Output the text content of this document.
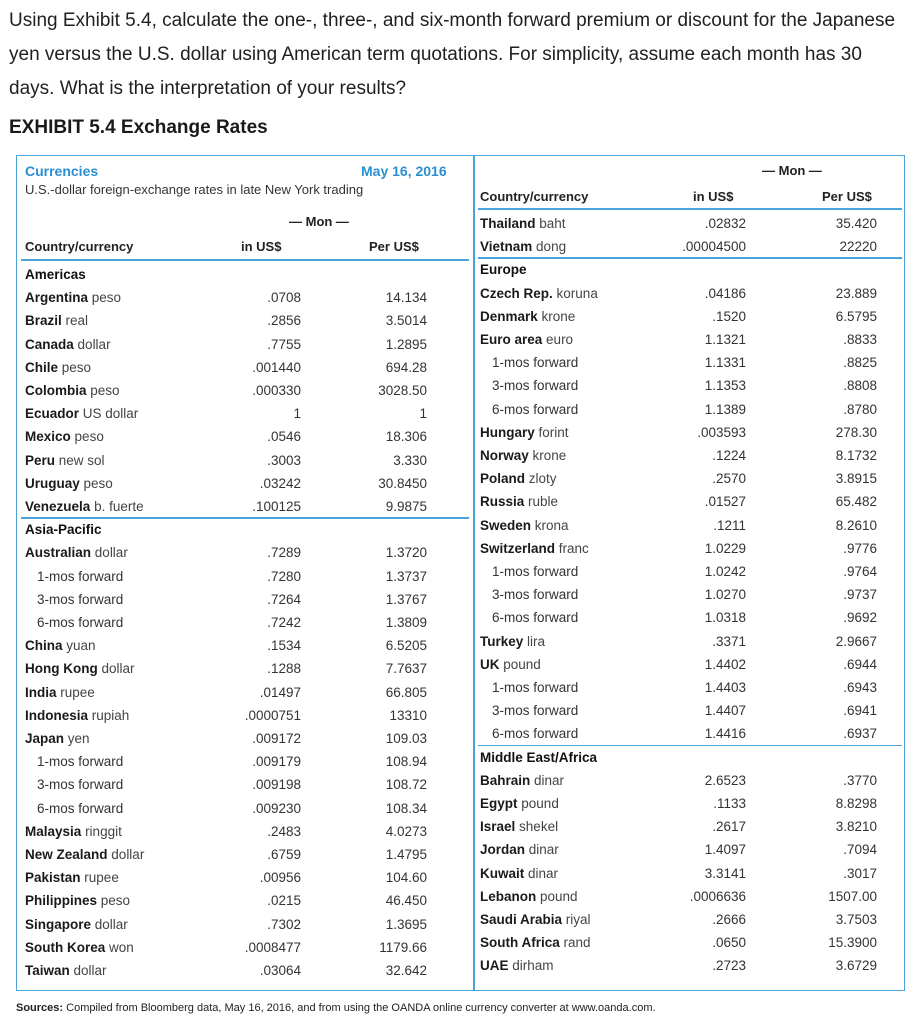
Using Exhibit 5.4, calculate the one-, three-, and six-month forward premium or discount for the Japanese yen versus the U.S. dollar using American term quotations. For simplicity, assume each month has 30 days. What is the interpretation of your results?
EXHIBIT 5.4 Exchange Rates
Currencies	May 16, 2016
U.S.-dollar foreign-exchange rates in late New York trading
— Mon —
Country/currency	in US$	Per US$
— Mon —
Country/currency	in US$	Per US$
Americas
Argentina peso	.0708	14.134
Brazil real	.2856	3.5014
Canada dollar	.7755	1.2895
Chile peso	.001440	694.28
Colombia peso	.000330	3028.50
Ecuador US dollar	1	1
Mexico peso	.0546	18.306
Peru new sol	.3003	3.330
Uruguay peso	.03242	30.8450
Venezuela b. fuerte	.100125	9.9875
Asia-Pacific
Australian dollar	.7289	1.3720
1-mos forward	.7280	1.3737
3-mos forward	.7264	1.3767
6-mos forward	.7242	1.3809
China yuan	.1534	6.5205
Hong Kong dollar	.1288	7.7637
India rupee	.01497	66.805
Indonesia rupiah	.0000751	13310
Japan yen	.009172	109.03
1-mos forward	.009179	108.94
3-mos forward	.009198	108.72
6-mos forward	.009230	108.34
Malaysia ringgit	.2483	4.0273
New Zealand dollar	.6759	1.4795
Pakistan rupee	.00956	104.60
Philippines peso	.0215	46.450
Singapore dollar	.7302	1.3695
South Korea won	.0008477	1179.66
Taiwan dollar	.03064	32.642
Thailand baht	.02832	35.420
Vietnam dong	.00004500	22220
Europe
Czech Rep. koruna	.04186	23.889
Denmark krone	.1520	6.5795
Euro area euro	1.1321	.8833
1-mos forward	1.1331	.8825
3-mos forward	1.1353	.8808
6-mos forward	1.1389	.8780
Hungary forint	.003593	278.30
Norway krone	.1224	8.1732
Poland zloty	.2570	3.8915
Russia ruble	.01527	65.482
Sweden krona	.1211	8.2610
Switzerland franc	1.0229	.9776
1-mos forward	1.0242	.9764
3-mos forward	1.0270	.9737
6-mos forward	1.0318	.9692
Turkey lira	.3371	2.9667
UK pound	1.4402	.6944
1-mos forward	1.4403	.6943
3-mos forward	1.4407	.6941
6-mos forward	1.4416	.6937
Middle East/Africa
Bahrain dinar	2.6523	.3770
Egypt pound	.1133	8.8298
Israel shekel	.2617	3.8210
Jordan dinar	1.4097	.7094
Kuwait dinar	3.3141	.3017
Lebanon pound	.0006636	1507.00
Saudi Arabia riyal	.2666	3.7503
South Africa rand	.0650	15.3900
UAE dirham	.2723	3.6729
Sources: Compiled from Bloomberg data, May 16, 2016, and from using the OANDA online currency converter at www.oanda.com.
